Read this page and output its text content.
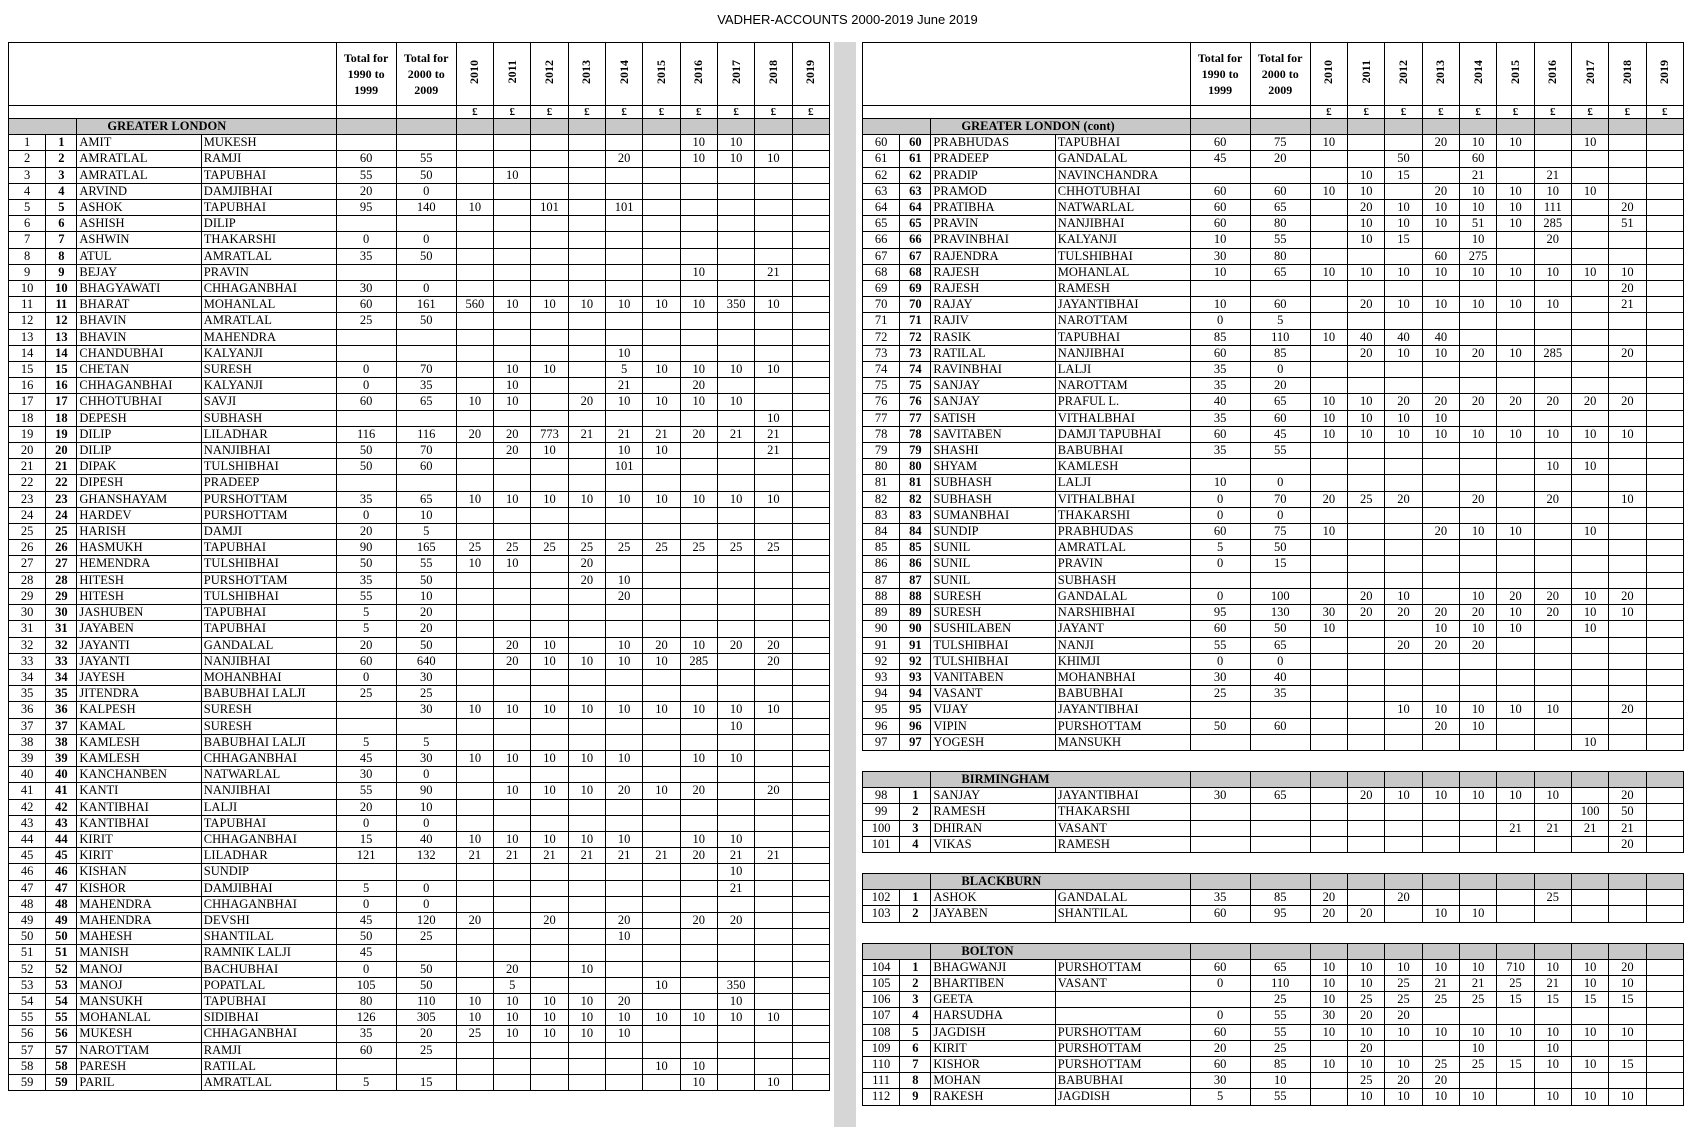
VADHER-ACCOUNTS 2000-2019 June 2019
				Total for 1990 to 1999	Total for 2000 to 2009	2010	2011	2012	2013	2014	2015	2016	2017	2018	2019
						£	£	£	£	£	£	£	£	£	£
		GREATER LONDON													
1	1	AMIT	MUKESH									10	10		
2	2	AMRATLAL	RAMJI	60	55					20		10	10	10	
3	3	AMRATLAL	TAPUBHAI	55	50		10								
4	4	ARVIND	DAMJIBHAI	20	0										
5	5	ASHOK	TAPUBHAI	95	140	10		101		101					
6	6	ASHISH	DILIP												
7	7	ASHWIN	THAKARSHI	0	0										
8	8	ATUL	AMRATLAL	35	50										
9	9	BEJAY	PRAVIN									10		21	
10	10	BHAGYAWATI	CHHAGANBHAI	30	0										
11	11	BHARAT	MOHANLAL	60	161	560	10	10	10	10	10	10	350	10	
12	12	BHAVIN	AMRATLAL	25	50										
13	13	BHAVIN	MAHENDRA												
14	14	CHANDUBHAI	KALYANJI							10					
15	15	CHETAN	SURESH	0	70		10	10		5	10	10	10	10	
16	16	CHHAGANBHAI	KALYANJI	0	35		10			21		20			
17	17	CHHOTUBHAI	SAVJI	60	65	10	10		20	10	10	10	10		
18	18	DEPESH	SUBHASH											10	
19	19	DILIP	LILADHAR	116	116	20	20	773	21	21	21	20	21	21	
20	20	DILIP	NANJIBHAI	50	70		20	10		10	10			21	
21	21	DIPAK	TULSHIBHAI	50	60					101					
22	22	DIPESH	PRADEEP												
23	23	GHANSHAYAM	PURSHOTTAM	35	65	10	10	10	10	10	10	10	10	10	
24	24	HARDEV	PURSHOTTAM	0	10										
25	25	HARISH	DAMJI	20	5										
26	26	HASMUKH	TAPUBHAI	90	165	25	25	25	25	25	25	25	25	25	
27	27	HEMENDRA	TULSHIBHAI	50	55	10	10		20						
28	28	HITESH	PURSHOTTAM	35	50				20	10					
29	29	HITESH	TULSHIBHAI	55	10					20					
30	30	JASHUBEN	TAPUBHAI	5	20										
31	31	JAYABEN	TAPUBHAI	5	20										
32	32	JAYANTI	GANDALAL	20	50		20	10		10	20	10	20	20	
33	33	JAYANTI	NANJIBHAI	60	640		20	10	10	10	10	285		20	
34	34	JAYESH	MOHANBHAI	0	30										
35	35	JITENDRA	BABUBHAI LALJI	25	25										
36	36	KALPESH	SURESH		30	10	10	10	10	10	10	10	10	10	
37	37	KAMAL	SURESH										10		
38	38	KAMLESH	BABUBHAI LALJI	5	5										
39	39	KAMLESH	CHHAGANBHAI	45	30	10	10	10	10	10		10	10		
40	40	KANCHANBEN	NATWARLAL	30	0										
41	41	KANTI	NANJIBHAI	55	90		10	10	10	20	10	20		20	
42	42	KANTIBHAI	LALJI	20	10										
43	43	KANTIBHAI	TAPUBHAI	0	0										
44	44	KIRIT	CHHAGANBHAI	15	40	10	10	10	10	10		10	10		
45	45	KIRIT	LILADHAR	121	132	21	21	21	21	21	21	20	21	21	
46	46	KISHAN	SUNDIP										10		
47	47	KISHOR	DAMJIBHAI	5	0								21		
48	48	MAHENDRA	CHHAGANBHAI	0	0										
49	49	MAHENDRA	DEVSHI	45	120	20		20		20		20	20		
50	50	MAHESH	SHANTILAL	50	25					10					
51	51	MANISH	RAMNIK LALJI	45											
52	52	MANOJ	BACHUBHAI	0	50		20		10						
53	53	MANOJ	POPATLAL	105	50		5				10		350		
54	54	MANSUKH	TAPUBHAI	80	110	10	10	10	10	20			10		
55	55	MOHANLAL	SIDIBHAI	126	305	10	10	10	10	10	10	10	10	10	
56	56	MUKESH	CHHAGANBHAI	35	20	25	10	10	10	10					
57	57	NAROTTAM	RAMJI	60	25										
58	58	PARESH	RATILAL								10	10			
59	59	PARIL	AMRATLAL	5	15							10		10	
				Total for 1990 to 1999	Total for 2000 to 2009	2010	2011	2012	2013	2014	2015	2016	2017	2018	2019
						£	£	£	£	£	£	£	£	£	£
		GREATER LONDON (cont)													
60	60	PRABHUDAS	TAPUBHAI	60	75	10			20	10	10		10		
61	61	PRADEEP	GANDALAL	45	20			50		60					
62	62	PRADIP	NAVINCHANDRA				10	15		21		21			
63	63	PRAMOD	CHHOTUBHAI	60	60	10	10		20	10	10	10	10		
64	64	PRATIBHA	NATWARLAL	60	65		20	10	10	10	10	111		20	
65	65	PRAVIN	NANJIBHAI	60	80		10	10	10	51	10	285		51	
66	66	PRAVINBHAI	KALYANJI	10	55		10	15		10		20			
67	67	RAJENDRA	TULSHIBHAI	30	80				60	275					
68	68	RAJESH	MOHANLAL	10	65	10	10	10	10	10	10	10	10	10	
69	69	RAJESH	RAMESH											20	
70	70	RAJAY	JAYANTIBHAI	10	60		20	10	10	10	10	10		21	
71	71	RAJIV	NAROTTAM	0	5										
72	72	RASIK	TAPUBHAI	85	110	10	40	40	40						
73	73	RATILAL	NANJIBHAI	60	85		20	10	10	20	10	285		20	
74	74	RAVINBHAI	LALJI	35	0										
75	75	SANJAY	NAROTTAM	35	20										
76	76	SANJAY	PRAFUL L.	40	65	10	10	20	20	20	20	20	20	20	
77	77	SATISH	VITHALBHAI	35	60	10	10	10	10						
78	78	SAVITABEN	DAMJI TAPUBHAI	60	45	10	10	10	10	10	10	10	10	10	
79	79	SHASHI	BABUBHAI	35	55										
80	80	SHYAM	KAMLESH									10	10		
81	81	SUBHASH	LALJI	10	0										
82	82	SUBHASH	VITHALBHAI	0	70	20	25	20		20		20		10	
83	83	SUMANBHAI	THAKARSHI	0	0										
84	84	SUNDIP	PRABHUDAS	60	75	10			20	10	10		10		
85	85	SUNIL	AMRATLAL	5	50										
86	86	SUNIL	PRAVIN	0	15										
87	87	SUNIL	SUBHASH												
88	88	SURESH	GANDALAL	0	100		20	10		10	20	20	10	20	
89	89	SURESH	NARSHIBHAI	95	130	30	20	20	20	20	10	20	10	10	
90	90	SUSHILABEN	JAYANT	60	50	10			10	10	10		10		
91	91	TULSHIBHAI	NANJI	55	65			20	20	20					
92	92	TULSHIBHAI	KHIMJI	0	0										
93	93	VANITABEN	MOHANBHAI	30	40										
94	94	VASANT	BABUBHAI	25	35										
95	95	VIJAY	JAYANTIBHAI					10	10	10	10	10		20	
96	96	VIPIN	PURSHOTTAM	50	60				20	10					
97	97	YOGESH	MANSUKH										10		

		BIRMINGHAM													
98	1	SANJAY	JAYANTIBHAI	30	65		20	10	10	10	10	10		20	
99	2	RAMESH	THAKARSHI										100	50	
100	3	DHIRAN	VASANT								21	21	21	21	
101	4	VIKAS	RAMESH											20	

		BLACKBURN													
102	1	ASHOK	GANDALAL	35	85	20		20				25			
103	2	JAYABEN	SHANTILAL	60	95	20	20		10	10					

		BOLTON													
104	1	BHAGWANJI	PURSHOTTAM	60	65	10	10	10	10	10	710	10	10	20	
105	2	BHARTIBEN	VASANT	0	110	10	10	25	21	21	25	21	10	10	
106	3	GEETA			25	10	25	25	25	25	15	15	15	15	
107	4	HARSUDHA		0	55	30	20	20							
108	5	JAGDISH	PURSHOTTAM	60	55	10	10	10	10	10	10	10	10	10	
109	6	KIRIT	PURSHOTTAM	20	25		20			10		10			
110	7	KISHOR	PURSHOTTAM	60	85	10	10	10	25	25	15	10	10	15	
111	8	MOHAN	BABUBHAI	30	10		25	20	20						
112	9	RAKESH	JAGDISH	5	55		10	10	10	10		10	10	10	
